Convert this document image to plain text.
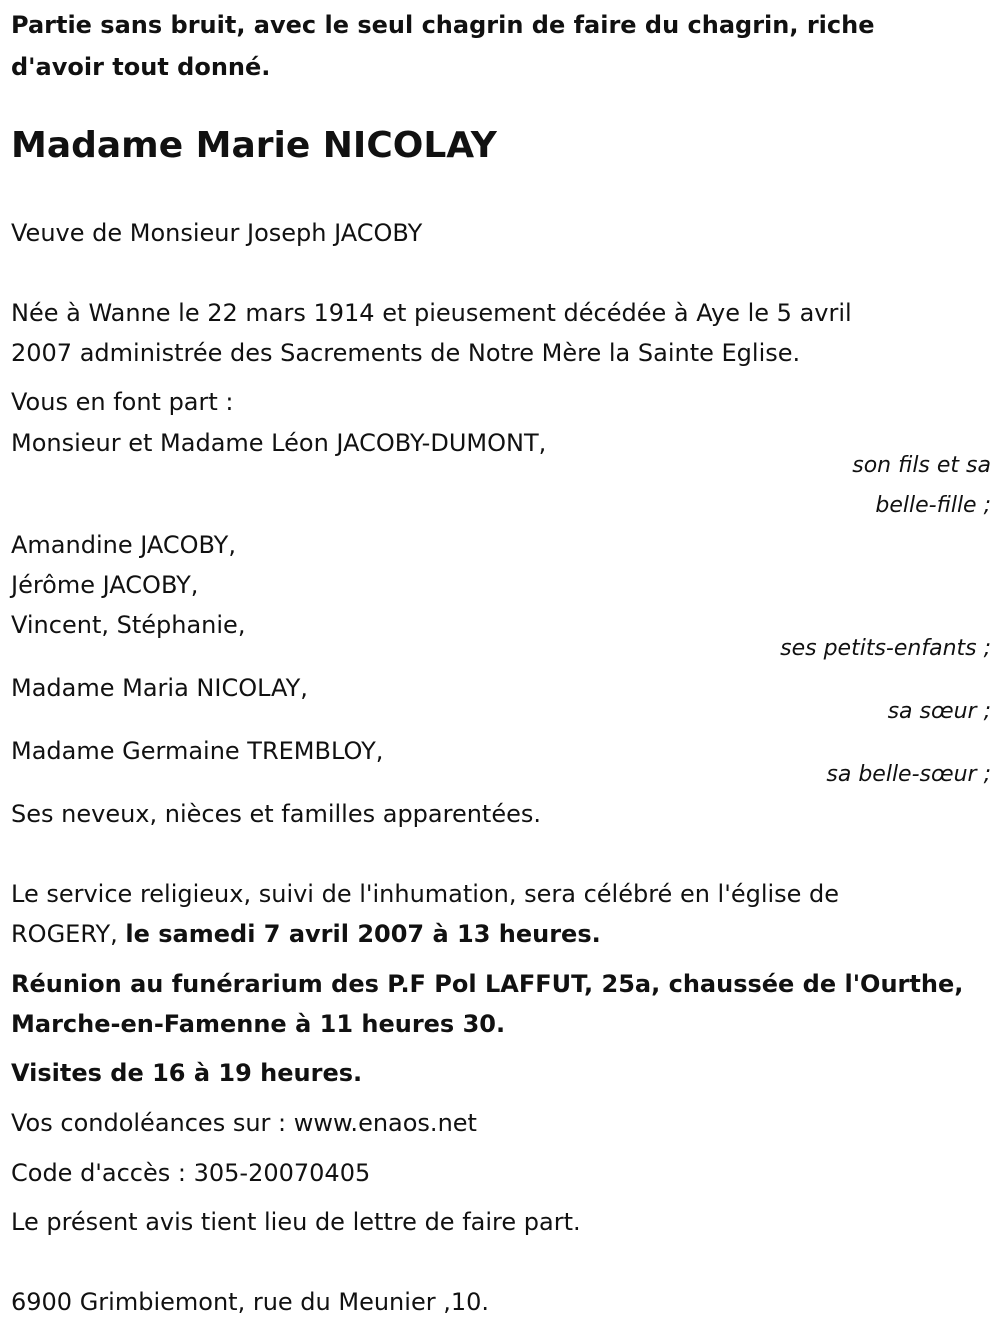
Partie sans bruit, avec le seul chagrin de faire du chagrin, riche
d'avoir tout donné.
Madame Marie NICOLAY
Veuve de Monsieur Joseph JACOBY
Née à Wanne le 22 mars 1914 et pieusement décédée à Aye le 5 avril
2007 administrée des Sacrements de Notre Mère la Sainte Eglise.
Vous en font part :
Monsieur et Madame Léon JACOBY-DUMONT,
son fils et sa
belle-fille ;
Amandine JACOBY,
Jérôme JACOBY,
Vincent, Stéphanie,
ses petits-enfants ;
Madame Maria NICOLAY,
sa sœur ;
Madame Germaine TREMBLOY,
sa belle-sœur ;
Ses neveux, nièces et familles apparentées.
Le service religieux, suivi de l'inhumation, sera célébré en l'église de
ROGERY, le samedi 7 avril 2007 à 13 heures.
Réunion au funérarium des P.F Pol LAFFUT, 25a, chaussée de l'Ourthe,
Marche-en-Famenne à 11 heures 30.
Visites de 16 à 19 heures.
Vos condoléances sur : www.enaos.net
Code d'accès : 305-20070405
Le présent avis tient lieu de lettre de faire part.
6900 Grimbiemont, rue du Meunier ,10.
